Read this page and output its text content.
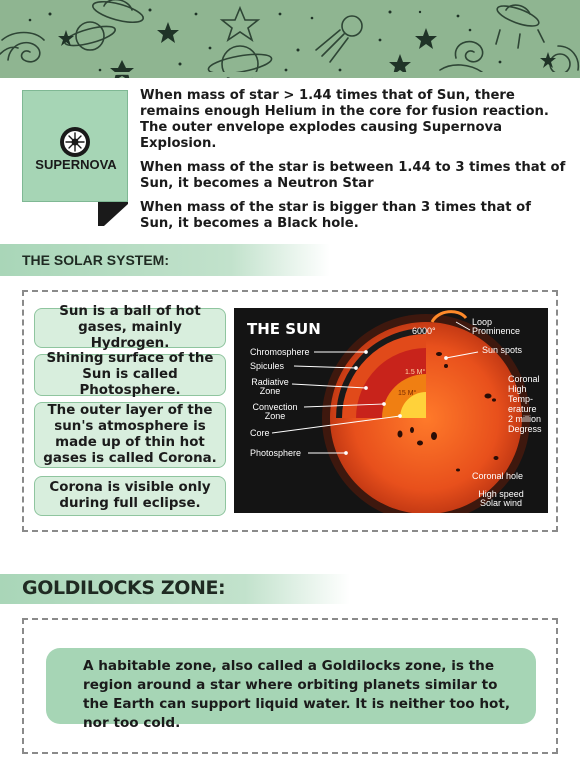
SUPERNOVA

When mass of star > 1.44 times that of Sun, there remains enough Helium in the core for fusion reaction. The outer envelope explodes causing Supernova Explosion.

When mass of the star is between 1.44 to 3 times that of Sun, it becomes a Neutron Star

When mass of the star is bigger than 3 times that of Sun, it becomes a Black hole.

THE SOLAR SYSTEM:
Sun is a ball of hot gases, mainly Hydrogen.
Shining surface of the Sun is called Photosphere.
The outer layer of the sun's atmosphere is made up of thin hot gases is called Corona.
Corona is visible only during full eclipse.
THE SUN	6000°
1.5 M°
15 M°
Chromosphere
Spicules
Radiative
Zone
Convection
Zone
Core
Photosphere
Loop
Prominence
Sun spots
Coronal
High
Temp-
erature
2 million
Degress
Coronal hole
High speed
Solar wind
GOLDILOCKS ZONE:
A habitable zone, also called a Goldilocks zone, is the region around a star where orbiting planets similar to the Earth can support liquid water. It is neither too hot, nor too cold.
